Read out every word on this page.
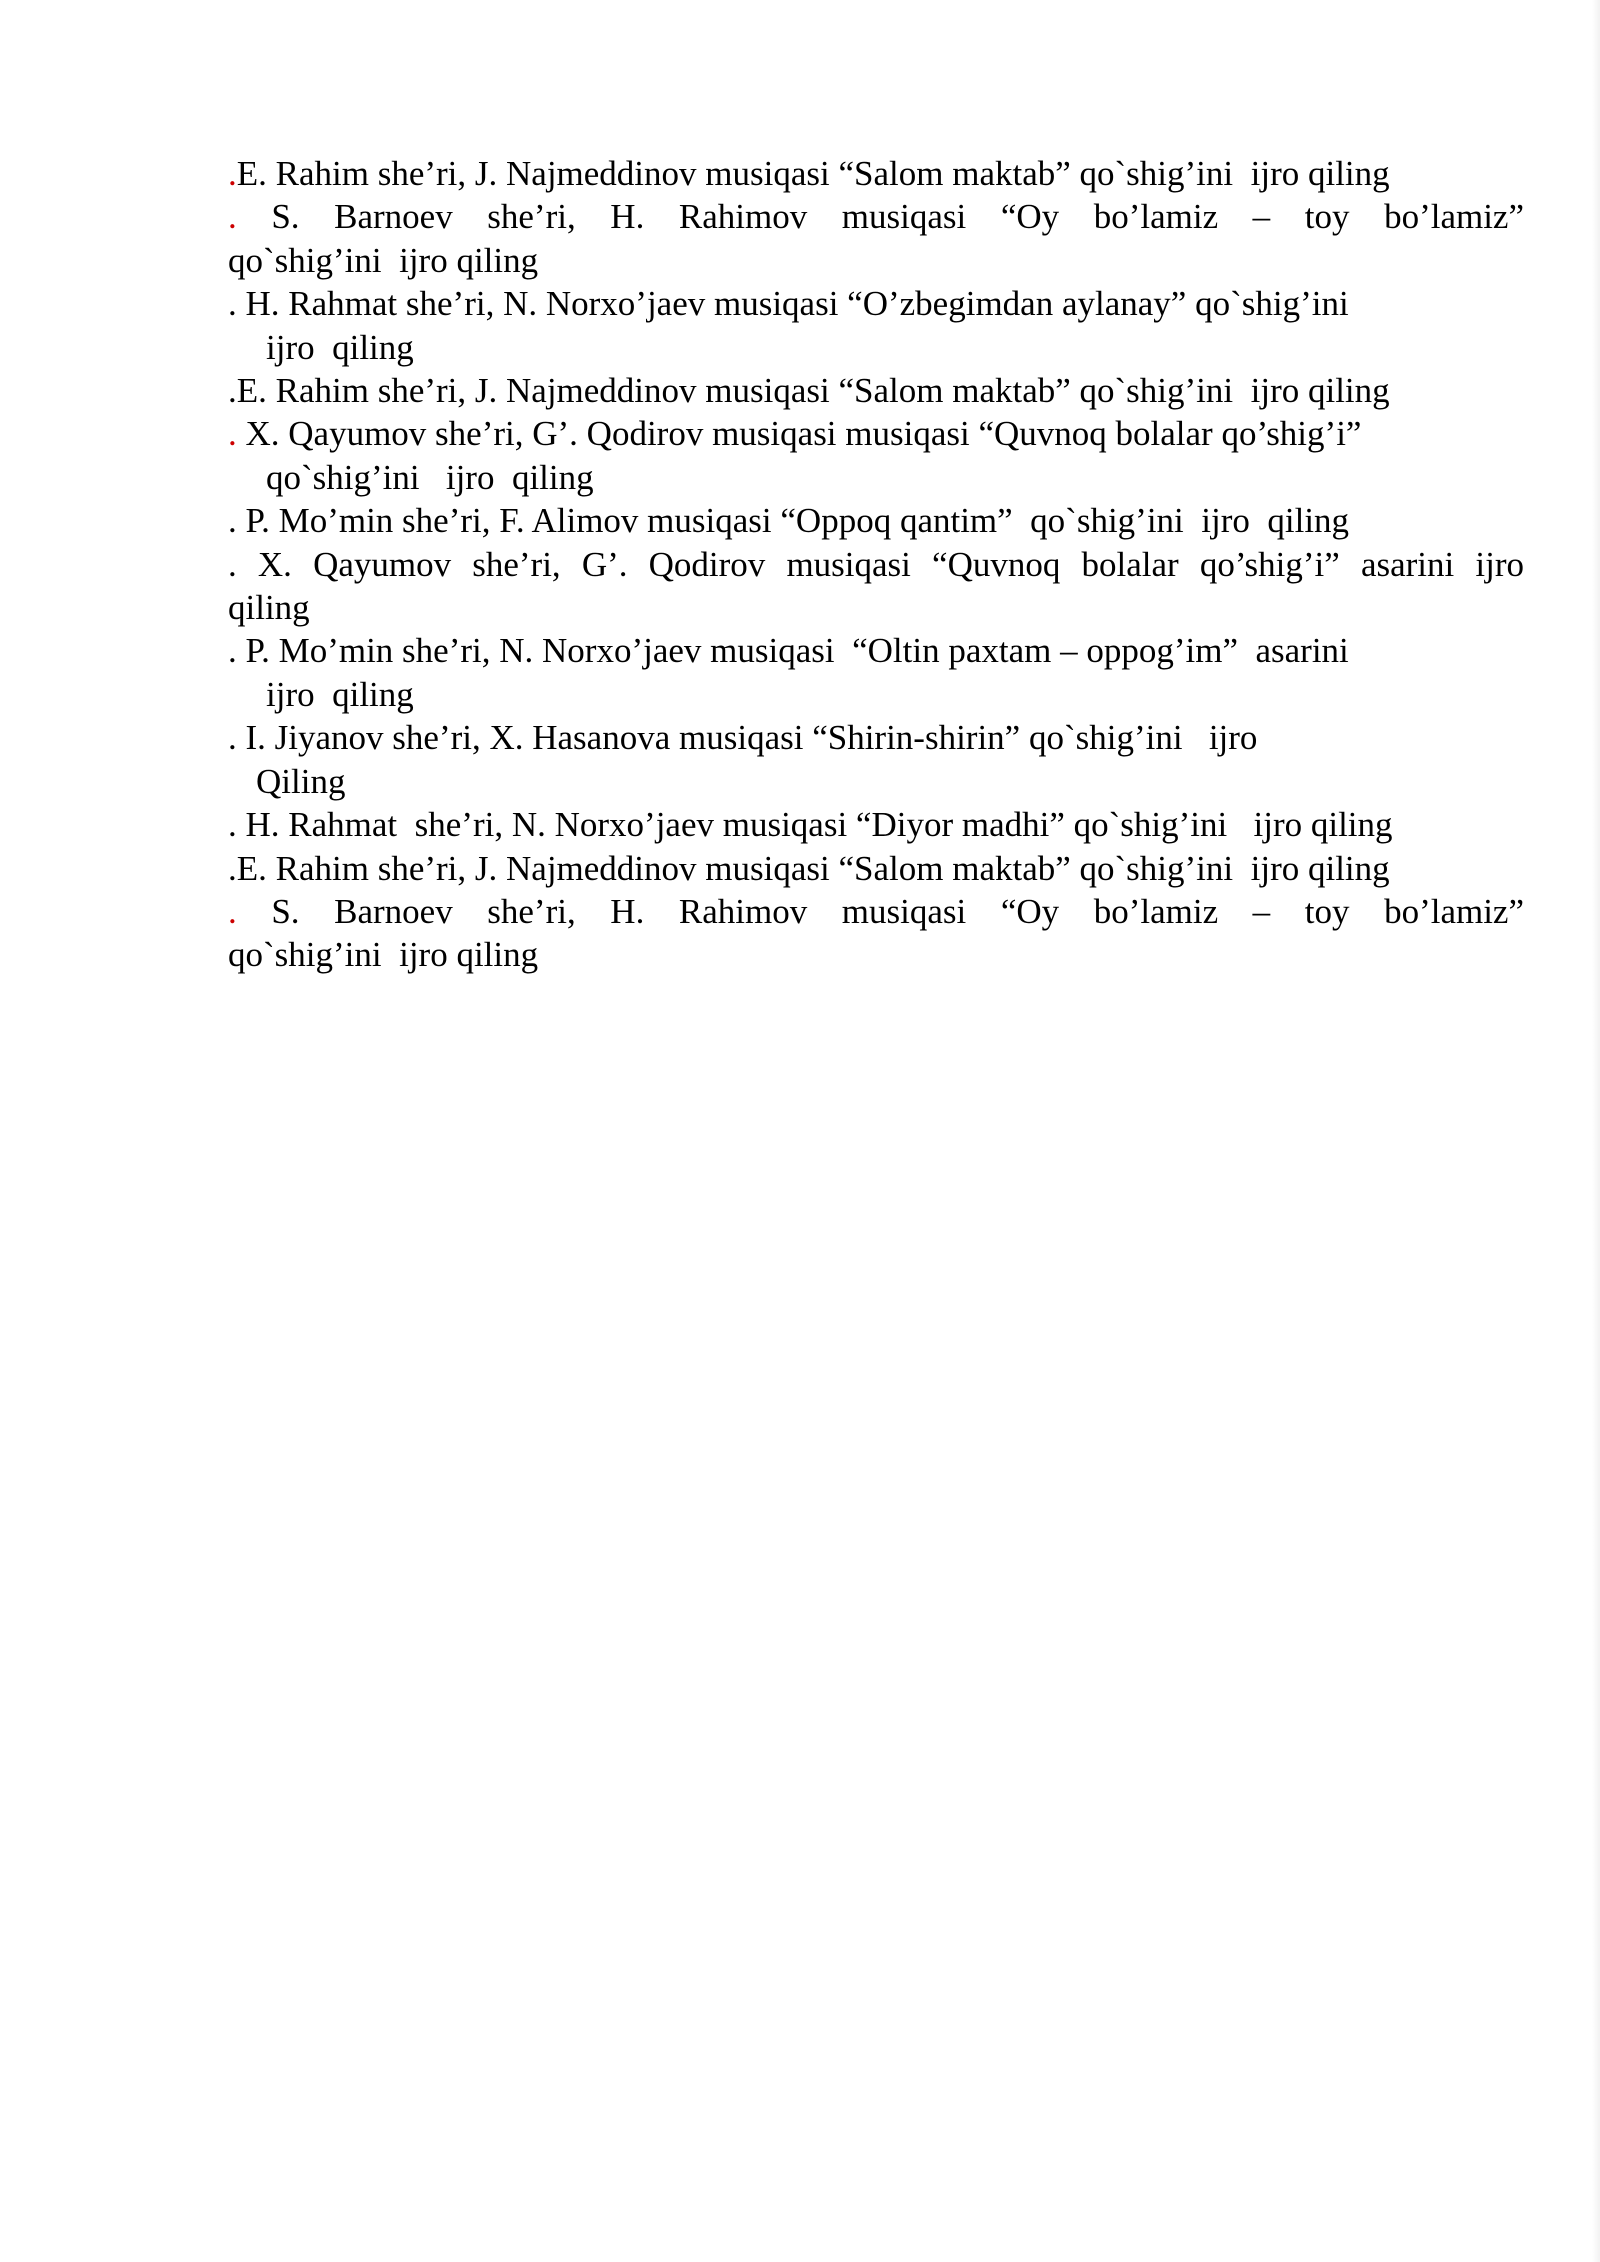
.E. Rahim she’ri, J. Najmeddinov musiqasi “Salom maktab” qo`shig’ini  ijro qiling
. S. Barnoev she’ri, H. Rahimov musiqasi “Oy bo’lamiz – toy bo’lamiz”
qo`shig’ini  ijro qiling
. H. Rahmat she’ri, N. Norxo’jaev musiqasi “O’zbegimdan aylanay” qo`shig’ini
ijro  qiling
.E. Rahim she’ri, J. Najmeddinov musiqasi “Salom maktab” qo`shig’ini  ijro qiling
. X. Qayumov she’ri, G’. Qodirov musiqasi musiqasi “Quvnoq bolalar qo’shig’i”
qo`shig’ini   ijro  qiling
. P. Mo’min she’ri, F. Alimov musiqasi “Oppoq qantim”  qo`shig’ini  ijro  qiling
. X. Qayumov she’ri, G’. Qodirov musiqasi “Quvnoq bolalar qo’shig’i” asarini ijro
qiling
. P. Mo’min she’ri, N. Norxo’jaev musiqasi  “Oltin paxtam – oppog’im”  asarini
ijro  qiling
. I. Jiyanov she’ri, X. Hasanova musiqasi “Shirin-shirin” qo`shig’ini   ijro
Qiling
. H. Rahmat  she’ri, N. Norxo’jaev musiqasi “Diyor madhi” qo`shig’ini   ijro qiling
.E. Rahim she’ri, J. Najmeddinov musiqasi “Salom maktab” qo`shig’ini  ijro qiling
. S. Barnoev she’ri, H. Rahimov musiqasi “Oy bo’lamiz – toy bo’lamiz”
qo`shig’ini  ijro qiling
